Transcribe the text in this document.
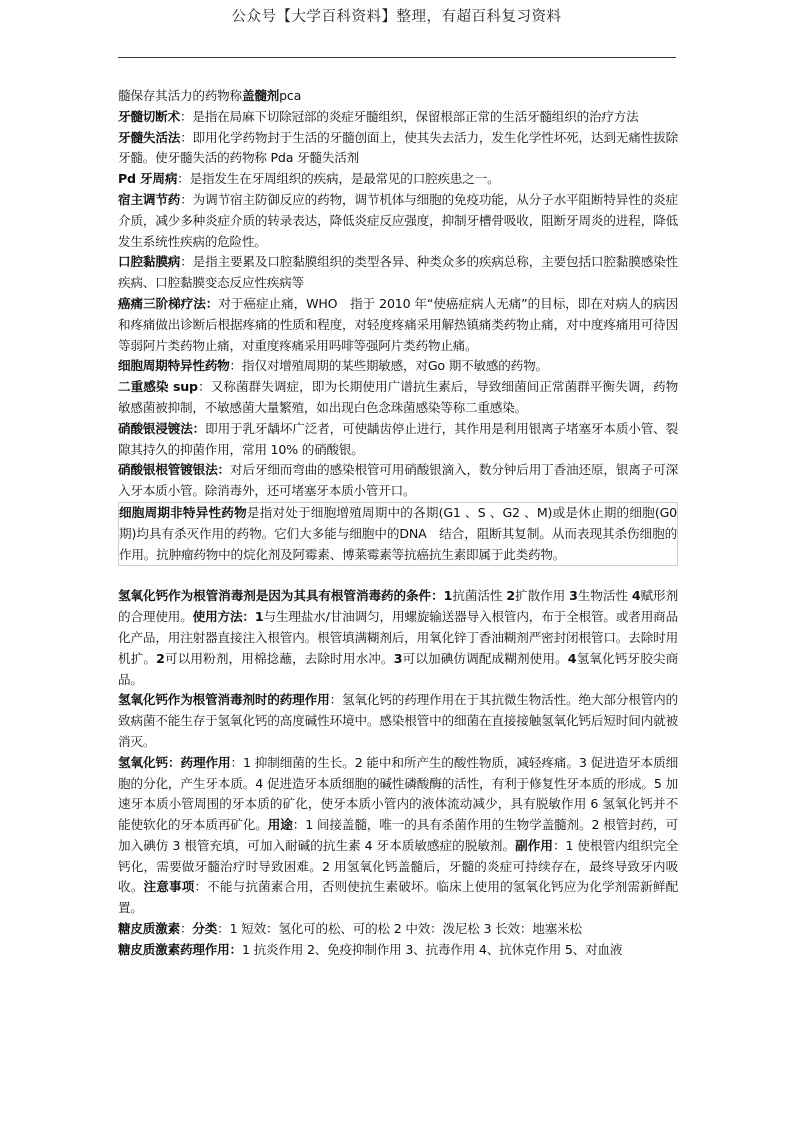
公众号【大学百科资料】整理，有超百科复习资料

髓保存其活力的药物称盖髓剂pca

牙髓切断术：是指在局麻下切除冠部的炎症牙髓组织，保留根部正常的生活牙髓组织的治疗方法

牙髓失活法：即用化学药物封于生活的牙髓创面上，使其失去活力，发生化学性坏死，达到无痛性拔除牙髓。使牙髓失活的药物称 Pda 牙髓失活剂

Pd 牙周病：是指发生在牙周组织的疾病，是最常见的口腔疾患之一。

宿主调节药：为调节宿主防御反应的药物，调节机体与细胞的免疫功能，从分子水平阻断特异性的炎症介质，减少多种炎症介质的转录表达，降低炎症反应强度，抑制牙槽骨吸收，阻断牙周炎的进程，降低发生系统性疾病的危险性。

口腔黏膜病：是指主要累及口腔黏膜组织的类型各异、种类众多的疾病总称，主要包括口腔黏膜感染性疾病、口腔黏膜变态反应性疾病等

癌痛三阶梯疗法：对于癌症止痛，WHO　指于 2010 年“使癌症病人无痛”的目标，即在对病人的病因和疼痛做出诊断后根据疼痛的性质和程度，对轻度疼痛采用解热镇痛类药物止痛，对中度疼痛用可待因等弱阿片类药物止痛，对重度疼痛采用吗啡等强阿片类药物止痛。

细胞周期特异性药物：指仅对增殖周期的某些期敏感，对Go 期不敏感的药物。

二重感染 sup：又称菌群失调症，即为长期使用广谱抗生素后，导致细菌间正常菌群平衡失调，药物敏感菌被抑制，不敏感菌大量繁殖，如出现白色念珠菌感染等称二重感染。

硝酸银浸镀法：即用于乳牙龋坏广泛者，可使龋齿停止进行，其作用是利用银离子堵塞牙本质小管、裂隙其持久的抑菌作用，常用 10% 的硝酸银。

硝酸银根管镀银法：对后牙细而弯曲的感染根管可用硝酸银滴入，数分钟后用丁香油还原，银离子可深入牙本质小管。除消毒外，还可堵塞牙本质小管开口。

细胞周期非特异性药物是指对处于细胞增殖周期中的各期(G1 、S 、G2 、M)或是休止期的细胞(G0 期)均具有杀灭作用的药物。它们大多能与细胞中的DNA　结合，阻断其复制。从而表现其杀伤细胞的作用。抗肿瘤药物中的烷化剂及阿霉素、博莱霉素等抗癌抗生素即属于此类药物。

氢氧化钙作为根管消毒剂是因为其具有根管消毒药的条件：1抗菌活性 2扩散作用 3生物活性 4赋形剂的合理使用。使用方法：1与生理盐水/甘油调匀，用螺旋输送器导入根管内，布于全根管。或者用商品化产品，用注射器直接注入根管内。根管填满糊剂后，用氧化锌丁香油糊剂严密封闭根管口。去除时用机扩。2可以用粉剂，用棉捻蘸，去除时用水冲。3可以加碘仿调配成糊剂使用。4氢氧化钙牙胶尖商品。

氢氧化钙作为根管消毒剂时的药理作用：氢氧化钙的药理作用在于其抗微生物活性。绝大部分根管内的致病菌不能生存于氢氧化钙的高度碱性环境中。感染根管中的细菌在直接接触氢氧化钙后短时间内就被消灭。

氢氧化钙：药理作用：1 抑制细菌的生长。2 能中和所产生的酸性物质，减轻疼痛。3 促进造牙本质细胞的分化，产生牙本质。4 促进造牙本质细胞的碱性磷酸酶的活性，有利于修复性牙本质的形成。5 加速牙本质小管周围的牙本质的矿化，使牙本质小管内的液体流动减少，具有脱敏作用 6 氢氧化钙并不能使软化的牙本质再矿化。用途：1 间接盖髓，唯一的具有杀菌作用的生物学盖髓剂。2 根管封药，可加入碘仿 3 根管充填，可加入耐碱的抗生素 4 牙本质敏感症的脱敏剂。副作用：1 使根管内组织完全钙化，需要做牙髓治疗时导致困难。2 用氢氧化钙盖髓后，牙髓的炎症可持续存在，最终导致牙内吸收。注意事项：不能与抗菌素合用，否则使抗生素破坏。临床上使用的氢氧化钙应为化学剂需新鲜配置。

糖皮质激素：分类：1 短效：氢化可的松、可的松 2 中效：泼尼松 3 长效：地塞米松

糖皮质激素药理作用：1 抗炎作用 2、免疫抑制作用 3、抗毒作用 4、抗休克作用 5、对血液
